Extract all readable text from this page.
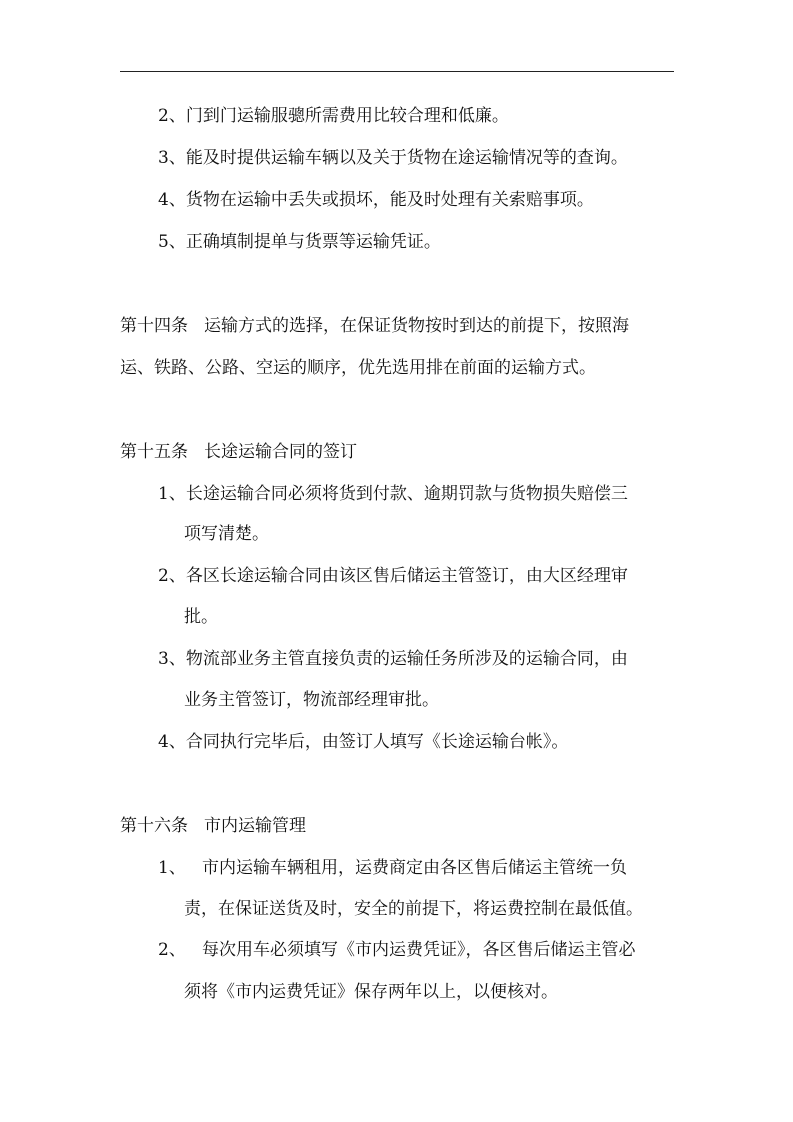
2、门到门运输服骢所需费用比较合理和低廉。
3、能及时提供运输车辆以及关于货物在途运输情况等的查询。
4、货物在运输中丢失或损坏，能及时处理有关索赔事项。
5、正确填制提单与货票等运输凭证。
第十四条 运输方式的选择，在保证货物按时到达的前提下，按照海
运、铁路、公路、空运的顺序，优先选用排在前面的运输方式。
第十五条 长途运输合同的签订
1、长途运输合同必须将货到付款、逾期罚款与货物损失赔偿三
项写清楚。
2、各区长途运输合同由该区售后储运主管签订，由大区经理审
批。
3、物流部业务主管直接负责的运输任务所涉及的运输合同，由
业务主管签订，物流部经理审批。
4、合同执行完毕后，由签订人填写《长途运输台帐》。
第十六条 市内运输管理
1、 市内运输车辆租用，运费商定由各区售后储运主管统一负
责，在保证送货及时，安全的前提下，将运费控制在最低值。
2、 每次用车必须填写《市内运费凭证》，各区售后储运主管必
须将《市内运费凭证》保存两年以上，以便核对。
